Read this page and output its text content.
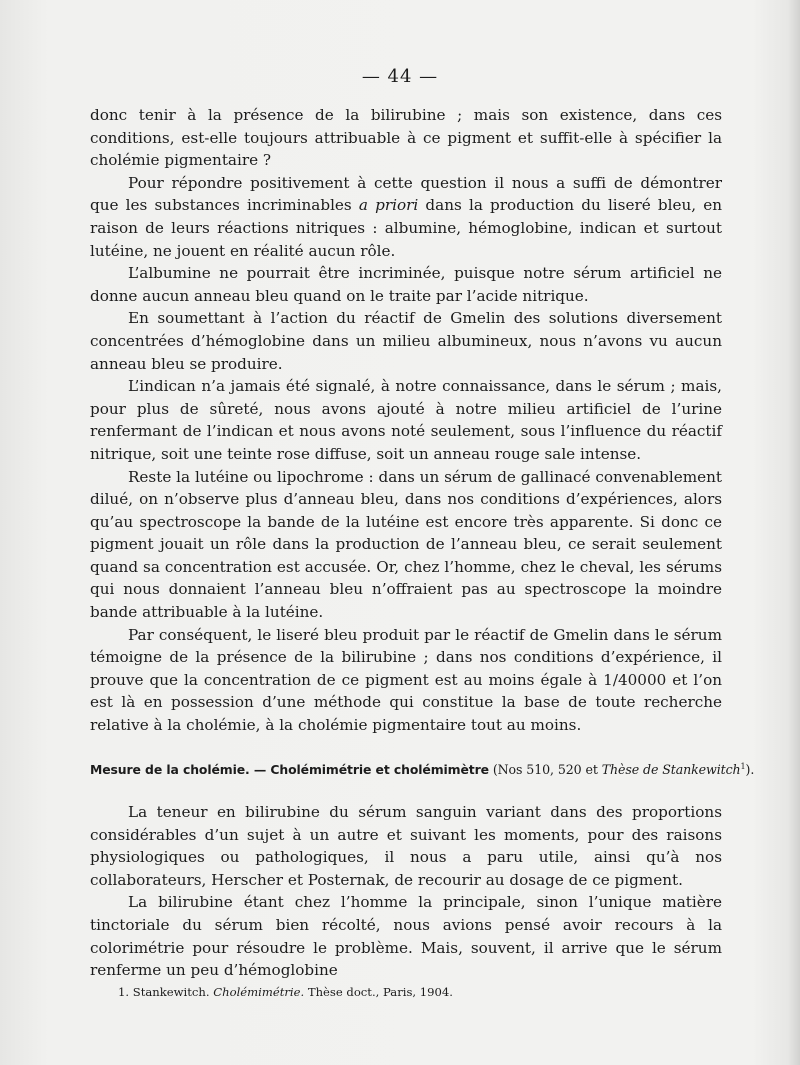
— 44 —

donc tenir à la présence de la bilirubine ; mais son existence, dans ces conditions, est-elle toujours attribuable à ce pigment et suffit-elle à spécifier la cholémie pigmentaire ?

Pour répondre positivement à cette question il nous a suffi de démontrer que les substances incriminables a priori dans la production du liseré bleu, en raison de leurs réactions nitriques : albumine, hémoglobine, indican et surtout lutéine, ne jouent en réalité aucun rôle.

L’albumine ne pourrait être incriminée, puisque notre sérum artificiel ne donne aucun anneau bleu quand on le traite par l’acide nitrique.

En soumettant à l’action du réactif de Gmelin des solutions diversement concentrées d’hémoglobine dans un milieu albumineux, nous n’avons vu aucun anneau bleu se produire.

L’indican n’a jamais été signalé, à notre connaissance, dans le sérum ; mais, pour plus de sûreté, nous avons ajouté à notre milieu artificiel de l’urine renfermant de l’indican et nous avons noté seulement, sous l’influence du réactif nitrique, soit une teinte rose diffuse, soit un anneau rouge sale intense.

Reste la lutéine ou lipochrome : dans un sérum de gallinacé convenablement dilué, on n’observe plus d’anneau bleu, dans nos conditions d’expériences, alors qu’au spectroscope la bande de la lutéine est encore très apparente. Si donc ce pigment jouait un rôle dans la production de l’anneau bleu, ce serait seulement quand sa concentration est accusée. Or, chez l’homme, chez le cheval, les sérums qui nous donnaient l’anneau bleu n’offraient pas au spectroscope la moindre bande attribuable à la lutéine.

Par conséquent, le liseré bleu produit par le réactif de Gmelin dans le sérum témoigne de la présence de la bilirubine ; dans nos conditions d’expérience, il prouve que la concentration de ce pigment est au moins égale à 1/40000 et l’on est là en possession d’une méthode qui constitue la base de toute recherche relative à la cholémie, à la cholémie pigmentaire tout au moins.

Mesure de la cholémie. — Cholémimétrie et cholémimètre (Nos 510, 520 et Thèse de Stankewitch$^1$).

La teneur en bilirubine du sérum sanguin variant dans des proportions considérables d’un sujet à un autre et suivant les moments, pour des raisons physiologiques ou pathologiques, il nous a paru utile, ainsi qu’à nos collaborateurs, Herscher et Posternak, de recourir au dosage de ce pigment.

La bilirubine étant chez l’homme la principale, sinon l’unique matière tinctoriale du sérum bien récolté, nous avions pensé avoir recours à la colorimétrie pour résoudre le problème. Mais, souvent, il arrive que le sérum renferme un peu d’hémoglobine

1. Stankewitch. Cholémimétrie. Thèse doct., Paris, 1904.
